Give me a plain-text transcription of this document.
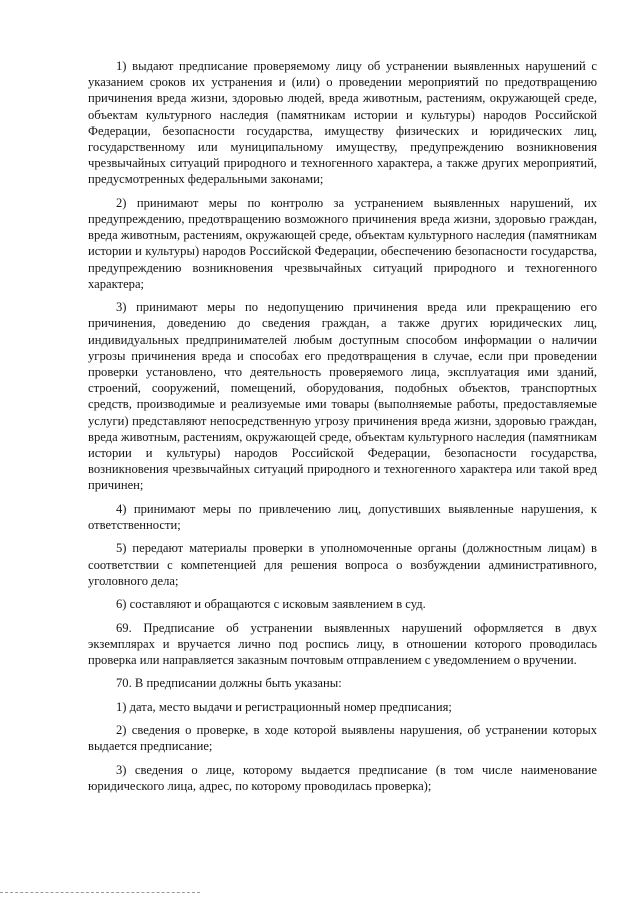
1) выдают предписание проверяемому лицу об устранении выявленных нарушений с указанием сроков их устранения и (или) о проведении мероприятий по предотвращению причинения вреда жизни, здоровью людей, вреда животным, растениям, окружающей среде, объектам культурного наследия (памятникам истории и культуры) народов Российской Федерации, безопасности государства, имуществу физических и юридических лиц, государственному или муниципальному имуществу, предупреждению возникновения чрезвычайных ситуаций природного и техногенного характера, а также других мероприятий, предусмотренных федеральными законами;

2) принимают меры по контролю за устранением выявленных нарушений, их предупреждению, предотвращению возможного причинения вреда жизни, здоровью граждан, вреда животным, растениям, окружающей среде, объектам культурного наследия (памятникам истории и культуры) народов Российской Федерации, обеспечению безопасности государства, предупреждению возникновения чрезвычайных ситуаций природного и техногенного характера;

3) принимают меры по недопущению причинения вреда или прекращению его причинения, доведению до сведения граждан, а также других юридических лиц, индивидуальных предпринимателей любым доступным способом информации о наличии угрозы причинения вреда и способах его предотвращения в случае, если при проведении проверки установлено, что деятельность проверяемого лица, эксплуатация ими зданий, строений, сооружений, помещений, оборудования, подобных объектов, транспортных средств, производимые и реализуемые ими товары (выполняемые работы, предоставляемые услуги) представляют непосредственную угрозу причинения вреда жизни, здоровью граждан, вреда животным, растениям, окружающей среде, объектам культурного наследия (памятникам истории и культуры) народов Российской Федерации, безопасности государства, возникновения чрезвычайных ситуаций природного и техногенного характера или такой вред причинен;

4) принимают меры по привлечению лиц, допустивших выявленные нарушения, к ответственности;

5) передают материалы проверки в уполномоченные органы (должностным лицам) в соответствии с компетенцией для решения вопроса о возбуждении административного, уголовного дела;

6) составляют и обращаются с исковым заявлением в суд.

69. Предписание об устранении выявленных нарушений оформляется в двух экземплярах и вручается лично под роспись лицу, в отношении которого проводилась проверка или направляется заказным почтовым отправлением с уведомлением о вручении.

70. В предписании должны быть указаны:

1) дата, место выдачи и регистрационный номер предписания;

2) сведения о проверке, в ходе которой выявлены нарушения, об устранении которых выдается предписание;

3) сведения о лице, которому выдается предписание (в том числе наименование юридического лица, адрес, по которому проводилась проверка);
